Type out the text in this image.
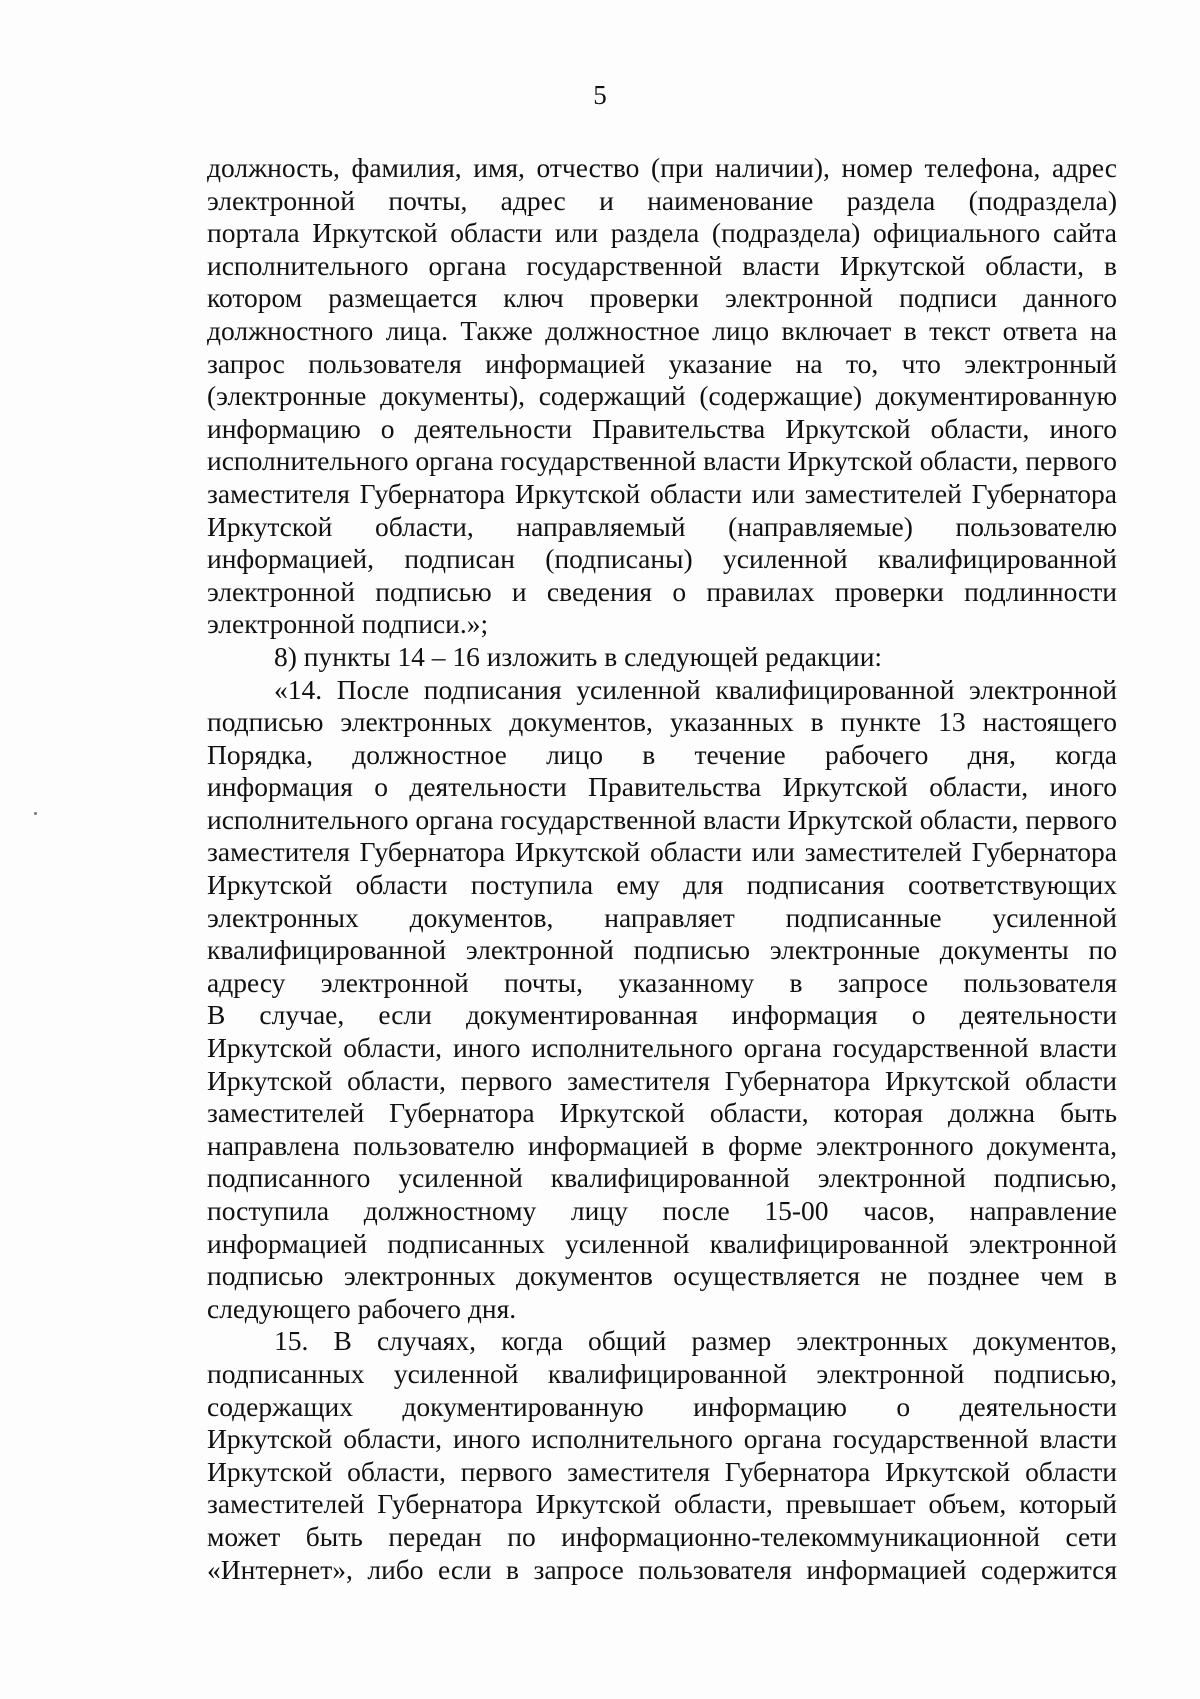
5
должность, фамилия, имя, отчество (при наличии), номер телефона, адрес
электронной почты, адрес и наименование раздела (подраздела)
портала Иркутской области или раздела (подраздела) официального сайта
исполнительного органа государственной власти Иркутской области, в
котором размещается ключ проверки электронной подписи данного
должностного лица. Также должностное лицо включает в текст ответа на
запрос пользователя информацией указание на то, что электронный
(электронные документы), содержащий (содержащие) документированную
информацию о деятельности Правительства Иркутской области, иного
исполнительного органа государственной власти Иркутской области, первого
заместителя Губернатора Иркутской области или заместителей Губернатора
Иркутской области, направляемый (направляемые) пользователю
информацией, подписан (подписаны) усиленной квалифицированной
электронной подписью и сведения о правилах проверки подлинности
электронной подписи.»;
8) пункты 14 – 16 изложить в следующей редакции:
«14. После подписания усиленной квалифицированной электронной
подписью электронных документов, указанных в пункте 13 настоящего
Порядка, должностное лицо в течение рабочего дня, когда
информация о деятельности Правительства Иркутской области, иного
исполнительного органа государственной власти Иркутской области, первого
заместителя Губернатора Иркутской области или заместителей Губернатора
Иркутской области поступила ему для подписания соответствующих
электронных документов, направляет подписанные усиленной
квалифицированной электронной подписью электронные документы по
адресу электронной почты, указанному в запросе пользователя
В случае, если документированная информация о деятельности
Иркутской области, иного исполнительного органа государственной власти
Иркутской области, первого заместителя Губернатора Иркутской области
заместителей Губернатора Иркутской области, которая должна быть
направлена пользователю информацией в форме электронного документа,
подписанного усиленной квалифицированной электронной подписью,
поступила должностному лицу после 15-00 часов, направление
информацией подписанных усиленной квалифицированной электронной
подписью электронных документов осуществляется не позднее чем в
следующего рабочего дня.
15. В случаях, когда общий размер электронных документов,
подписанных усиленной квалифицированной электронной подписью,
содержащих документированную информацию о деятельности
Иркутской области, иного исполнительного органа государственной власти
Иркутской области, первого заместителя Губернатора Иркутской области
заместителей Губернатора Иркутской области, превышает объем, который
может быть передан по информационно-телекоммуникационной сети
«Интернет», либо если в запросе пользователя информацией содержится
